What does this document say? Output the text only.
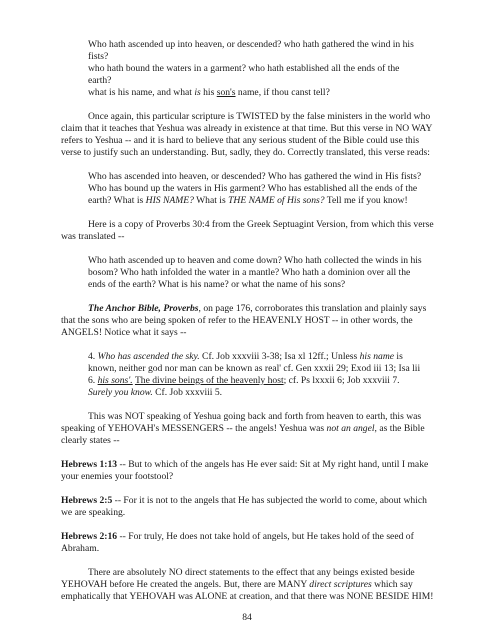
Who hath ascended up into heaven, or descended? who hath gathered the wind in his fists?
who hath bound the waters in a garment? who hath established all the ends of the earth?
what is his name, and what is his son's name, if thou canst tell?

Once again, this particular scripture is TWISTED by the false ministers in the world who claim that it teaches that Yeshua was already in existence at that time. But this verse in NO WAY refers to Yeshua -- and it is hard to believe that any serious student of the Bible could use this verse to justify such an understanding. But, sadly, they do. Correctly translated, this verse reads:

Who has ascended into heaven, or descended? Who has gathered the wind in His fists?
Who has bound up the waters in His garment? Who has established all the ends of the
earth? What is HIS NAME? What is THE NAME of His sons? Tell me if you know!

Here is a copy of Proverbs 30:4 from the Greek Septuagint Version, from which this verse was translated --

Who hath ascended up to heaven and come down? Who hath collected the winds in his bosom? Who hath infolded the water in a mantle? Who hath a dominion over all the ends of the earth? What is his name? or what the name of his sons?

The Anchor Bible, Proverbs, on page 176, corroborates this translation and plainly says that the sons who are being spoken of refer to the HEAVENLY HOST -- in other words, the ANGELS! Notice what it says --

4. Who has ascended the sky. Cf. Job xxxviii 3-38; Isa xl 12ff.; Unless his name is known, neither god nor man can be known as real' cf. Gen xxxii 29; Exod iii 13; Isa lii 6. his sons'. The divine beings of the heavenly host; cf. Ps lxxxii 6; Job xxxviii 7. Surely you know. Cf. Job xxxviii 5.

This was NOT speaking of Yeshua going back and forth from heaven to earth, this was speaking of YEHOVAH's MESSENGERS -- the angels! Yeshua was not an angel, as the Bible clearly states --

Hebrews 1:13 -- But to which of the angels has He ever said: Sit at My right hand, until I make your enemies your footstool?

Hebrews 2:5 -- For it is not to the angels that He has subjected the world to come, about which we are speaking.

Hebrews 2:16 -- For truly, He does not take hold of angels, but He takes hold of the seed of Abraham.

There are absolutely NO direct statements to the effect that any beings existed beside YEHOVAH before He created the angels. But, there are MANY direct scriptures which say emphatically that YEHOVAH was ALONE at creation, and that there was NONE BESIDE HIM!

84
